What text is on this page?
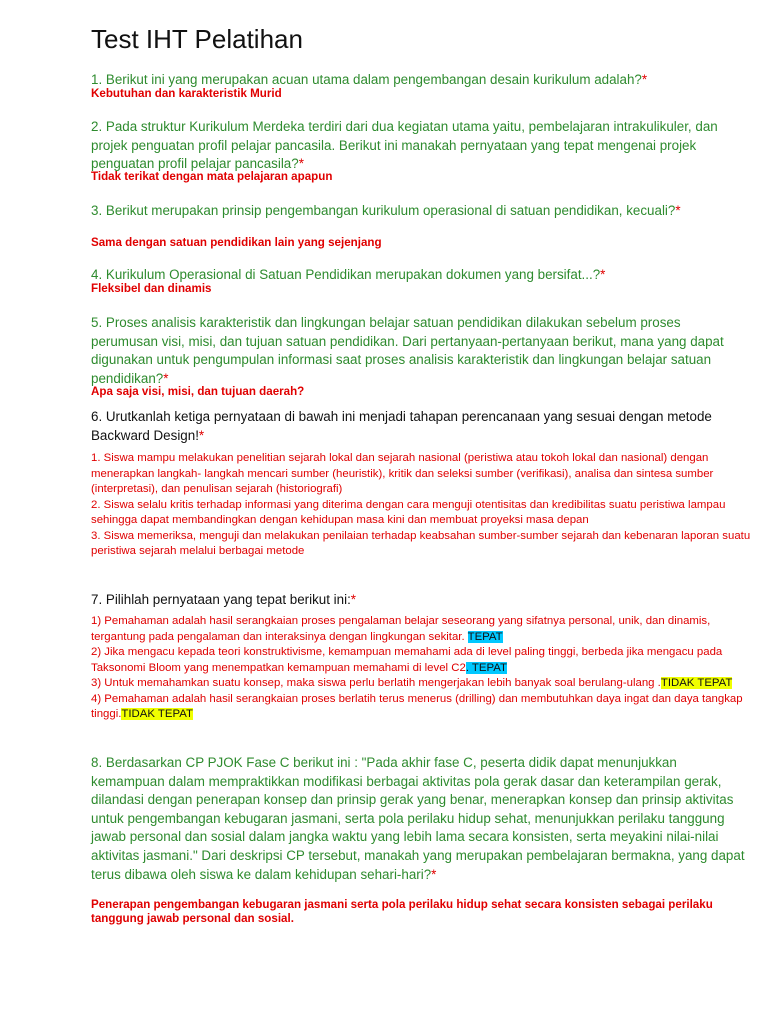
Test IHT Pelatihan
1. Berikut ini yang merupakan acuan utama dalam pengembangan desain kurikulum adalah?*
Kebutuhan dan karakteristik Murid
2. Pada struktur Kurikulum Merdeka terdiri dari dua kegiatan utama yaitu, pembelajaran intrakulikuler, dan projek penguatan profil pelajar pancasila. Berikut ini manakah pernyataan yang tepat mengenai projek penguatan profil pelajar pancasila?*
Tidak terikat dengan mata pelajaran apapun
3. Berikut merupakan prinsip pengembangan kurikulum operasional di satuan pendidikan, kecuali?*
Sama dengan satuan pendidikan lain yang sejenjang
4. Kurikulum Operasional di Satuan Pendidikan merupakan dokumen yang bersifat...?*
Fleksibel dan dinamis
5. Proses analisis karakteristik dan lingkungan belajar satuan pendidikan dilakukan sebelum proses perumusan visi, misi, dan tujuan satuan pendidikan. Dari pertanyaan-pertanyaan berikut, mana yang dapat digunakan untuk pengumpulan informasi saat proses analisis karakteristik dan lingkungan belajar satuan pendidikan?*
Apa saja visi, misi, dan tujuan daerah?
6. Urutkanlah ketiga pernyataan di bawah ini menjadi tahapan perencanaan yang sesuai dengan metode Backward Design!*
1. Siswa mampu melakukan penelitian sejarah lokal dan sejarah nasional (peristiwa atau tokoh lokal dan nasional) dengan menerapkan langkah- langkah mencari sumber (heuristik), kritik dan seleksi sumber (verifikasi), analisa dan sintesa sumber (interpretasi), dan penulisan sejarah (historiografi)
2. Siswa selalu kritis terhadap informasi yang diterima dengan cara menguji otentisitas dan kredibilitas suatu peristiwa lampau sehingga dapat membandingkan dengan kehidupan masa kini dan membuat proyeksi masa depan
3. Siswa memeriksa, menguji dan melakukan penilaian terhadap keabsahan sumber-sumber sejarah dan kebenaran laporan suatu peristiwa sejarah melalui berbagai metode
7. Pilihlah pernyataan yang tepat berikut ini:*
1) Pemahaman adalah hasil serangkaian proses pengalaman belajar seseorang yang sifatnya personal, unik, dan dinamis, tergantung pada pengalaman dan interaksinya dengan lingkungan sekitar. TEPAT
2) Jika mengacu kepada teori konstruktivisme, kemampuan memahami ada di level paling tinggi, berbeda jika mengacu pada Taksonomi Bloom yang menempatkan kemampuan memahami di level C2. TEPAT
3) Untuk memahamkan suatu konsep, maka siswa perlu berlatih mengerjakan lebih banyak soal berulang-ulang .TIDAK TEPAT
4) Pemahaman adalah hasil serangkaian proses berlatih terus menerus (drilling) dan membutuhkan daya ingat dan daya tangkap tinggi.TIDAK TEPAT
8. Berdasarkan CP PJOK Fase C berikut ini : "Pada akhir fase C, peserta didik dapat menunjukkan kemampuan dalam mempraktikkan modifikasi berbagai aktivitas pola gerak dasar dan keterampilan gerak, dilandasi dengan penerapan konsep dan prinsip gerak yang benar, menerapkan konsep dan prinsip aktivitas untuk pengembangan kebugaran jasmani, serta pola perilaku hidup sehat, menunjukkan perilaku tanggung jawab personal dan sosial dalam jangka waktu yang lebih lama secara konsisten, serta meyakini nilai-nilai aktivitas jasmani." Dari deskripsi CP tersebut, manakah yang merupakan pembelajaran bermakna, yang dapat terus dibawa oleh siswa ke dalam kehidupan sehari-hari?*
Penerapan pengembangan kebugaran jasmani serta pola perilaku hidup sehat secara konsisten sebagai perilaku tanggung jawab personal dan sosial.
